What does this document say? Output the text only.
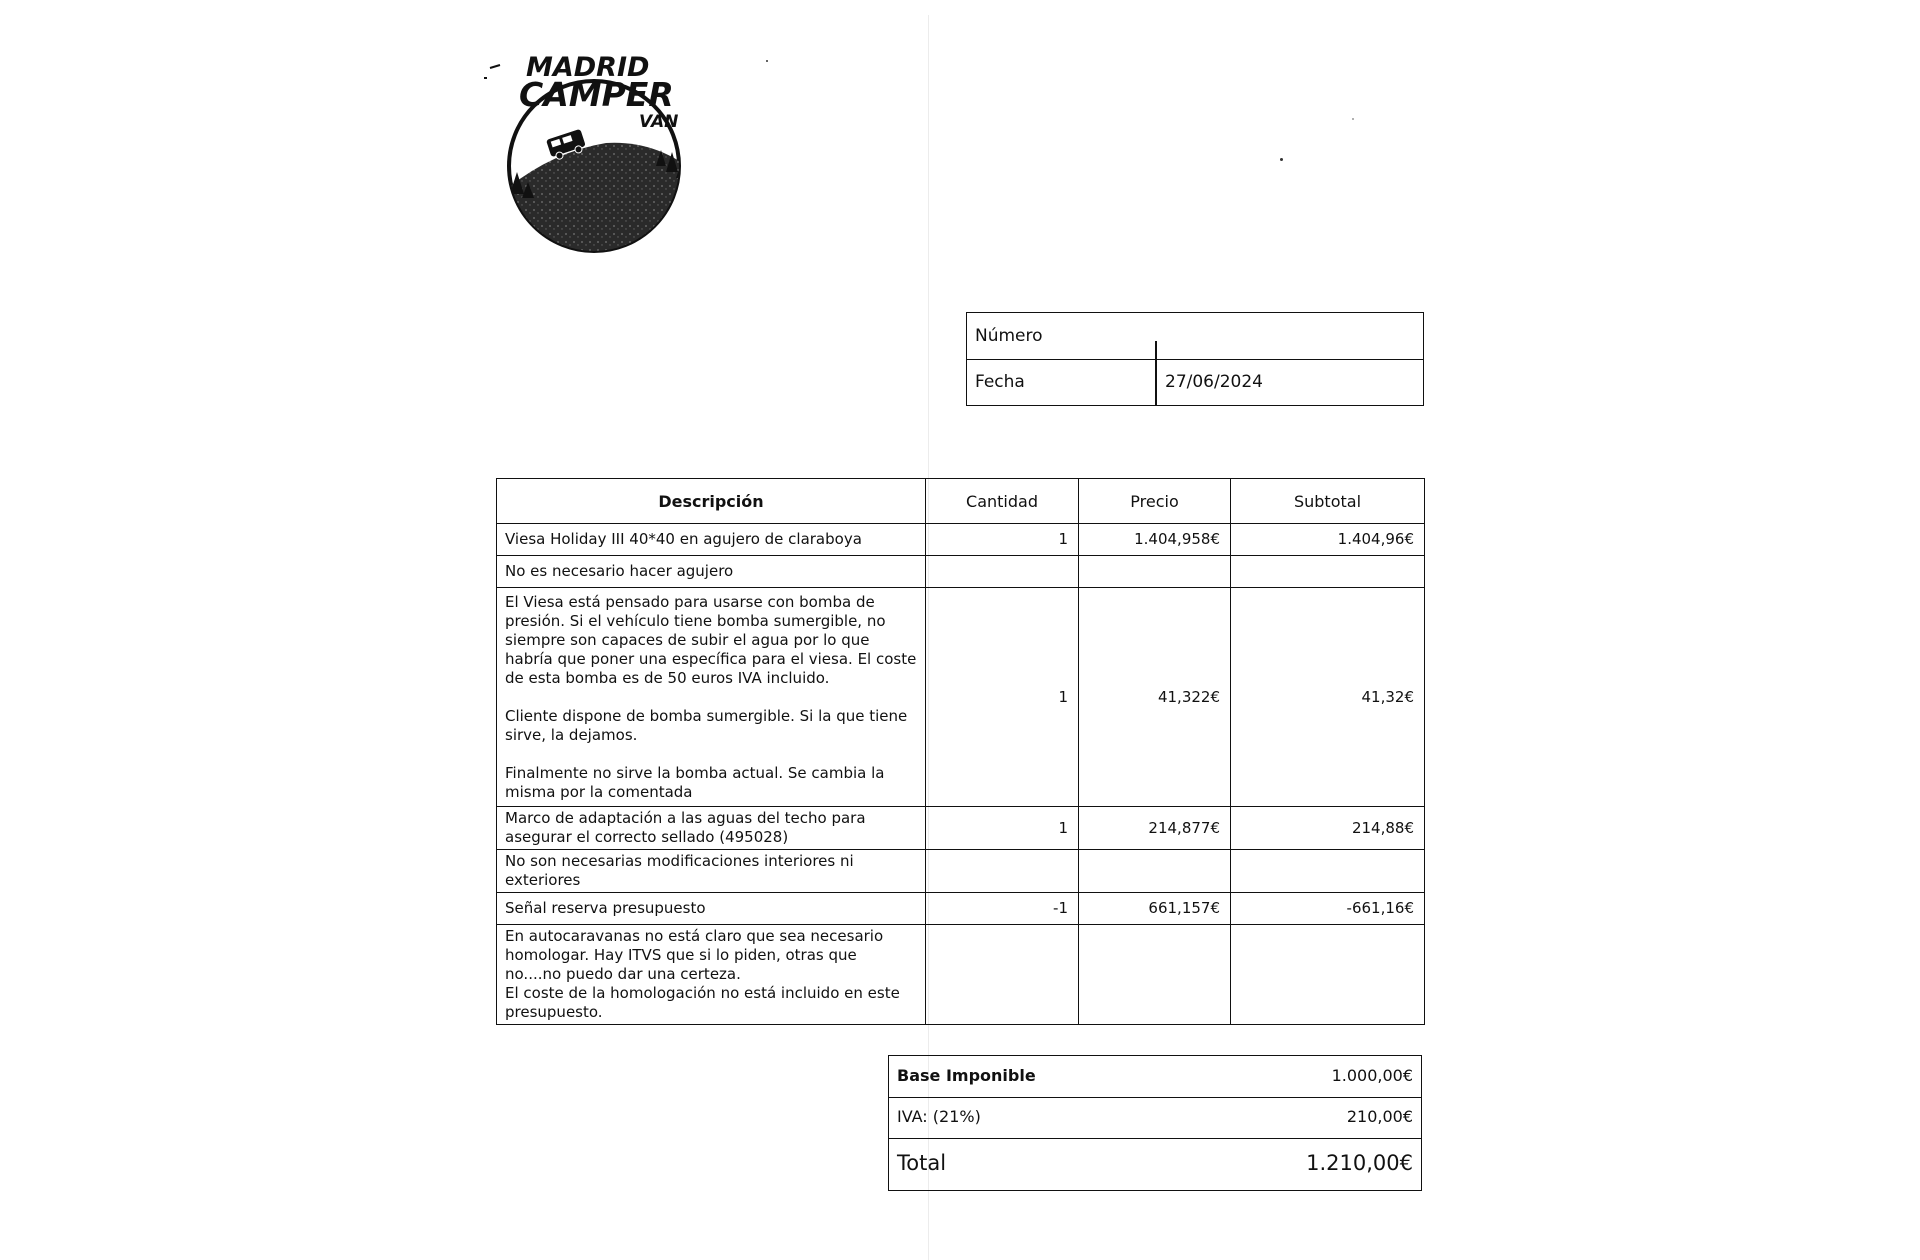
MADRID
CAMPER
VAN
Número
Fecha	27/06/2024
Descripción	Cantidad	Precio	Subtotal
Viesa Holiday III 40*40 en agujero de claraboya	1	1.404,958€	1.404,96€
No es necesario hacer agujero			
El Viesa está pensado para usarse con bomba de presión. Si el vehículo tiene bomba sumergible, no siempre son capaces de subir el agua por lo que habría que poner una específica para el viesa. El coste de esta bomba es de 50 euros IVA incluido.

Cliente dispone de bomba sumergible. Si la que tiene sirve, la dejamos.

Finalmente no sirve la bomba actual. Se cambia la misma por la comentada	1	41,322€	41,32€
Marco de adaptación a las aguas del techo para asegurar el correcto sellado (495028)	1	214,877€	214,88€
No son necesarias modificaciones interiores ni exteriores			
Señal reserva presupuesto	-1	661,157€	-661,16€
En autocaravanas no está claro que sea necesario homologar. Hay ITVS que si lo piden, otras que no....no puedo dar una certeza.
El coste de la homologación no está incluido en este presupuesto.			
Base Imponible	1.000,00€
IVA: (21%)	210,00€
Total	1.210,00€
